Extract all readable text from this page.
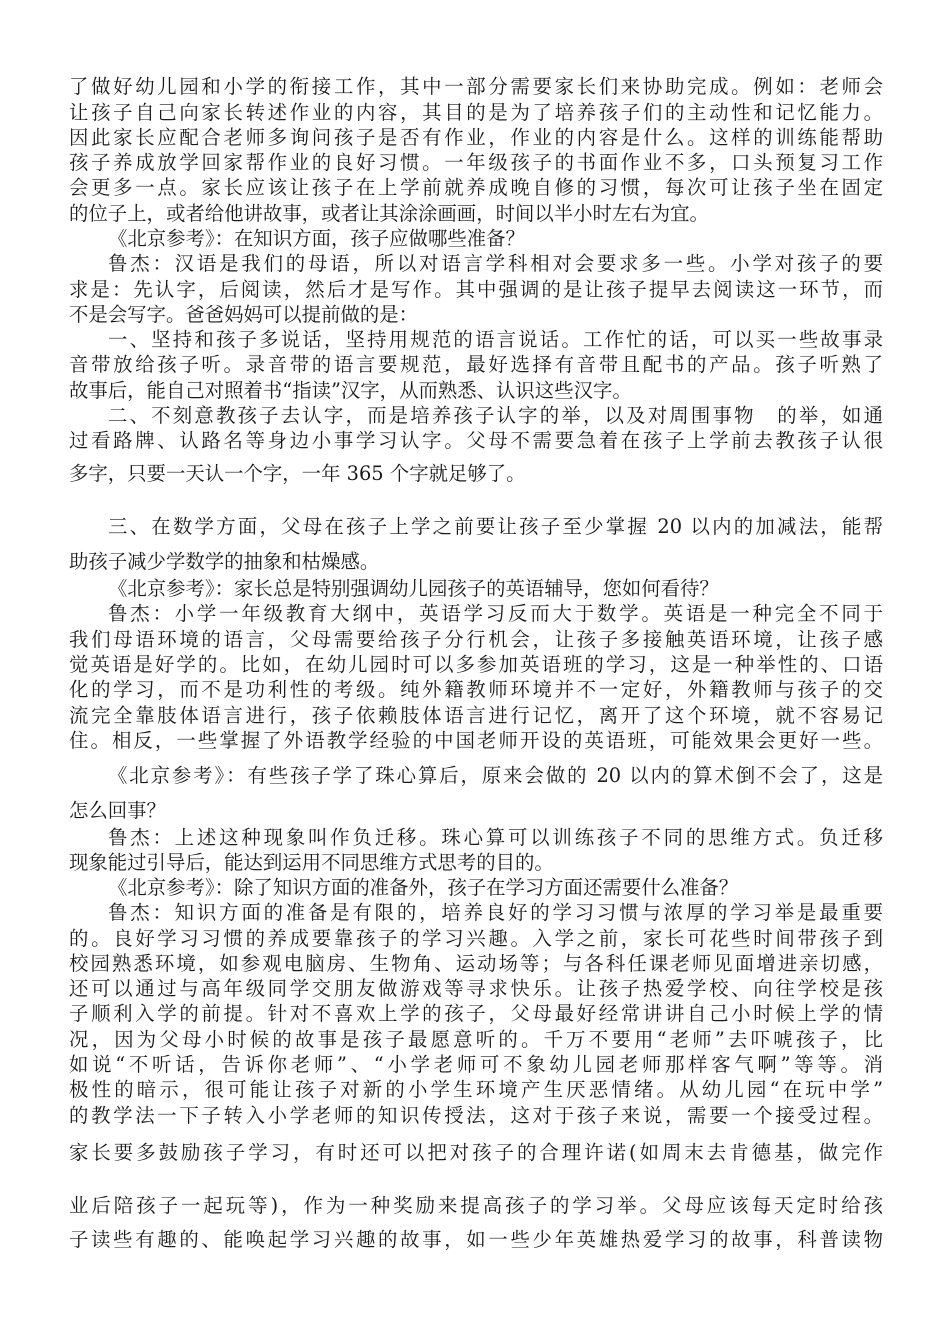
了做好幼儿园和小学的衔接工作，其中一部分需要家长们来协助完成。例如：老师会
让孩子自己向家长转述作业的内容，其目的是为了培养孩子们的主动性和记忆能力。
因此家长应配合老师多询问孩子是否有作业，作业的内容是什么。这样的训练能帮助
孩子养成放学回家帮作业的良好习惯。一年级孩子的书面作业不多，口头预复习工作
会更多一点。家长应该让孩子在上学前就养成晚自修的习惯，每次可让孩子坐在固定
的位子上，或者给他讲故事，或者让其涂涂画画，时间以半小时左右为宜。
《北京参考》：在知识方面，孩子应做哪些准备？
鲁杰：汉语是我们的母语，所以对语言学科相对会要求多一些。小学对孩子的要
求是：先认字，后阅读，然后才是写作。其中强调的是让孩子提早去阅读这一环节，而
不是会写字。爸爸妈妈可以提前做的是：
一、坚持和孩子多说话，坚持用规范的语言说话。工作忙的话，可以买一些故事录
音带放给孩子听。录音带的语言要规范，最好选择有音带且配书的产品。孩子听熟了
故事后，能自己对照着书“指读”汉字，从而熟悉、认识这些汉字。
二、不刻意教孩子去认字，而是培养孩子认字的举，以及对周围事物　的举，如通
过看路牌、认路名等身边小事学习认字。父母不需要急着在孩子上学前去教孩子认很
多字，只要一天认一个字，一年 365 个字就足够了。
三、在数学方面，父母在孩子上学之前要让孩子至少掌握 20 以内的加减法，能帮
助孩子减少学数学的抽象和枯燥感。
《北京参考》：家长总是特别强调幼儿园孩子的英语辅导，您如何看待？
鲁杰：小学一年级教育大纲中，英语学习反而大于数学。英语是一种完全不同于
我们母语环境的语言，父母需要给孩子分行机会，让孩子多接触英语环境，让孩子感
觉英语是好学的。比如，在幼儿园时可以多参加英语班的学习，这是一种举性的、口语
化的学习，而不是功利性的考级。纯外籍教师环境并不一定好，外籍教师与孩子的交
流完全靠肢体语言进行，孩子依赖肢体语言进行记忆，离开了这个环境，就不容易记
住。相反，一些掌握了外语教学经验的中国老师开设的英语班，可能效果会更好一些。
《北京参考》：有些孩子学了珠心算后，原来会做的 20 以内的算术倒不会了，这是
怎么回事？
鲁杰：上述这种现象叫作负迁移。珠心算可以训练孩子不同的思维方式。负迁移
现象能过引导后，能达到运用不同思维方式思考的目的。
《北京参考》：除了知识方面的准备外，孩子在学习方面还需要什么准备？
鲁杰：知识方面的准备是有限的，培养良好的学习习惯与浓厚的学习举是最重要
的。良好学习习惯的养成要靠孩子的学习兴趣。入学之前，家长可花些时间带孩子到
校园熟悉环境，如参观电脑房、生物角、运动场等；与各科任课老师见面增进亲切感，
还可以通过与高年级同学交朋友做游戏等寻求快乐。让孩子热爱学校、向往学校是孩
子顺利入学的前提。针对不喜欢上学的孩子，父母最好经常讲讲自己小时候上学的情
况，因为父母小时候的故事是孩子最愿意听的。千万不要用“老师”去吓唬孩子，比
如说“不听话，告诉你老师”、“小学老师可不象幼儿园老师那样客气啊”等等。消
极性的暗示，很可能让孩子对新的小学生环境产生厌恶情绪。从幼儿园“在玩中学”
的教学法一下子转入小学老师的知识传授法，这对于孩子来说，需要一个接受过程。
家长要多鼓励孩子学习，有时还可以把对孩子的合理许诺(如周末去肯德基，做完作
业后陪孩子一起玩等)，作为一种奖励来提高孩子的学习举。父母应该每天定时给孩
子读些有趣的、能唤起学习兴趣的故事，如一些少年英雄热爱学习的故事，科普读物
